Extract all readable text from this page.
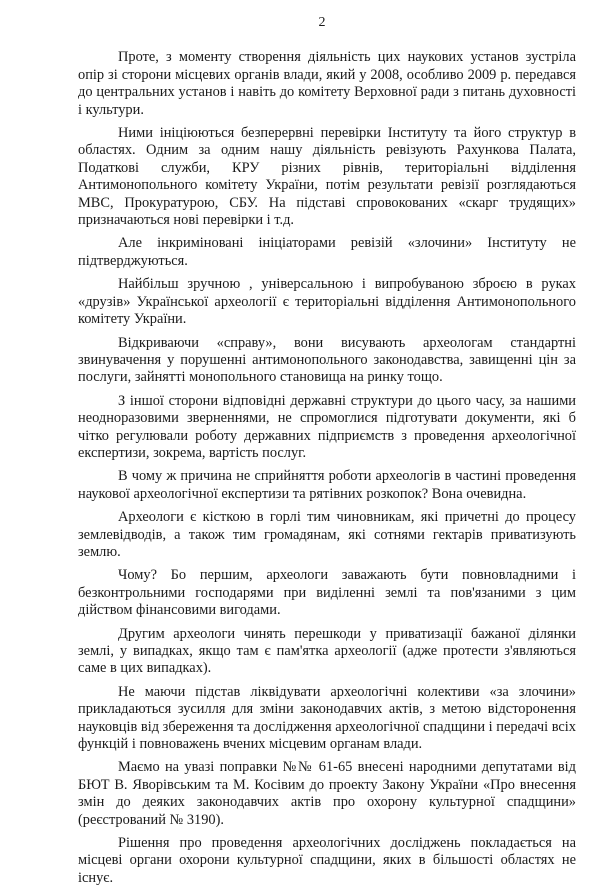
2

Проте, з моменту створення діяльність цих наукових установ зустріла опір зі сторони місцевих органів влади, який у 2008, особливо 2009 р. передався до центральних установ і навіть до комітету Верховної ради з питань духовності і культури.

Ними ініціюються безперервні перевірки Інституту та його структур в областях. Одним за одним нашу діяльність ревізують Рахункова Палата, Податкові служби, КРУ різних рівнів, територіальні відділення Антимонопольного комітету України, потім результати ревізії розглядаються МВС, Прокуратурою, СБУ. На підставі спровокованих «скарг трудящих» призначаються нові перевірки і т.д.

Але інкриміновані ініціаторами ревізій «злочини» Інституту не підтверджуються.

Найбільш зручною , універсальною і випробуваною зброєю в руках «друзів» Української археології є територіальні відділення Антимонопольного комітету України.

Відкриваючи «справу», вони висувають археологам стандартні звинувачення у порушенні антимонопольного законодавства, завищенні цін за послуги, зайнятті монопольного становища на ринку тощо.

З іншої сторони відповідні державні структури до цього часу, за нашими неодноразовими зверненнями, не спромоглися підготувати документи, які б чітко регулювали роботу державних підприємств з проведення археологічної експертизи, зокрема, вартість послуг.

В чому ж причина не сприйняття роботи археологів в частині проведення наукової археологічної експертизи та рятівних розкопок? Вона очевидна.

Археологи є кісткою в горлі тим чиновникам, які причетні до процесу землевідводів, а також тим громадянам, які сотнями гектарів приватизують землю.

Чому? Бо першим, археологи заважають бути повновладними і безконтрольними господарями при виділенні землі та пов'язаними з цим дійством фінансовими вигодами.

Другим археологи чинять перешкоди у приватизації бажаної ділянки землі, у випадках, якщо там є пам'ятка археології (адже протести з'являються саме в цих випадках).

Не маючи підстав ліквідувати археологічні колективи «за злочини» прикладаються зусилля для зміни законодавчих актів, з метою відсторонення науковців від збереження та дослідження археологічної спадщини і передачі всіх функцій і повноважень вчених місцевим органам влади.

Маємо на увазі поправки №№ 61-65 внесені народними депутатами від БЮТ В. Яворівським та М. Косівим до проекту Закону України «Про внесення змін до деяких законодавчих актів про охорону культурної спадщини» (реєстрований № 3190).

Рішення про проведення археологічних досліджень покладається на місцеві органи охорони культурної спадщини, яких в більшості областях не існує.
